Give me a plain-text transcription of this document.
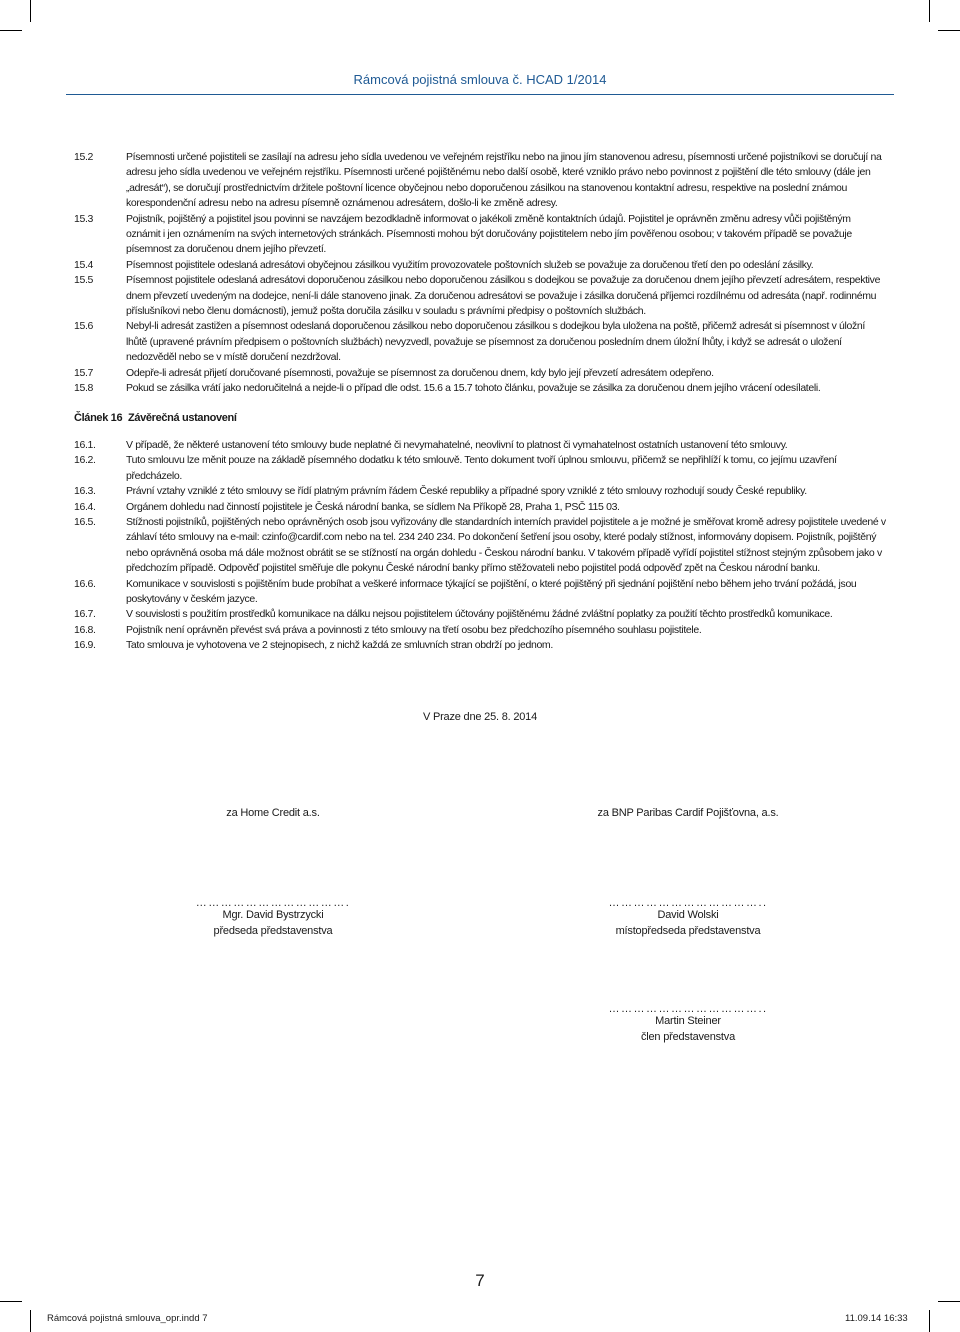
Rámcová pojistná smlouva č. HCAD 1/2014
15.2	Písemnosti určené pojistiteli se zasílají na adresu jeho sídla uvedenou ve veřejném rejstříku nebo na jinou jím stanovenou adresu, písemnosti určené pojistníkovi se doručují na adresu jeho sídla uvedenou ve veřejném rejstříku. Písemnosti určené pojištěnému nebo další osobě, které vzniklo právo nebo povinnost z pojištění dle této smlouvy (dále jen „adresát“), se doručují prostřednictvím držitele poštovní licence obyčejnou nebo doporučenou zásilkou na stanovenou kontaktní adresu, respektive na poslední známou korespondenční adresu nebo na adresu písemně oznámenou adresátem, došlo-li ke změně adresy.
15.3	Pojistník, pojištěný a pojistitel jsou povinni se navzájem bezodkladně informovat o jakékoli změně kontaktních údajů. Pojistitel je oprávněn změnu adresy vůči pojištěným oznámit i jen oznámením na svých internetových stránkách. Písemnosti mohou být doručovány pojistitelem nebo jím pověřenou osobou; v takovém případě se považuje písemnost za doručenou dnem jejího převzetí.
15.4	Písemnost pojistitele odeslaná adresátovi obyčejnou zásilkou využitím provozovatele poštovních služeb se považuje za doručenou třetí den po odeslání zásilky.
15.5	Písemnost pojistitele odeslaná adresátovi doporučenou zásilkou nebo doporučenou zásilkou s dodejkou se považuje za doručenou dnem jejího převzetí adresátem, respektive dnem převzetí uvedeným na dodejce, není-li dále stanoveno jinak. Za doručenou adresátovi se považuje i zásilka doručená příjemci rozdílnému od adresáta (např. rodinnému příslušníkovi nebo členu domácnosti), jemuž pošta doručila zásilku v souladu s právními předpisy o poštovních službách.
15.6	Nebyl-li adresát zastižen a písemnost odeslaná doporučenou zásilkou nebo doporučenou zásilkou s dodejkou byla uložena na poště, přičemž adresát si písemnost v úložní lhůtě (upravené právním předpisem o poštovních službách) nevyzvedl, považuje se písemnost za doručenou posledním dnem úložní lhůty, i když se adresát o uložení nedozvěděl nebo se v místě doručení nezdržoval.
15.7	Odepře-li adresát přijetí doručované písemnosti, považuje se písemnost za doručenou dnem, kdy bylo její převzetí adresátem odepřeno.
15.8	Pokud se zásilka vrátí jako nedoručitelná a nejde-li o případ dle odst. 15.6 a 15.7 tohoto článku, považuje se zásilka za doručenou dnem jejího vrácení odesílateli.
Článek 16 Závěrečná ustanovení
16.1.	V případě, že některé ustanovení této smlouvy bude neplatné či nevymahatelné, neovlivní to platnost či vymahatelnost ostatních ustanovení této smlouvy.
16.2.	Tuto smlouvu lze měnit pouze na základě písemného dodatku k této smlouvě. Tento dokument tvoří úplnou smlouvu, přičemž se nepřihlíží k tomu, co jejímu uzavření předcházelo.
16.3.	Právní vztahy vzniklé z této smlouvy se řídí platným právním řádem České republiky a případné spory vzniklé z této smlouvy rozhodují soudy České republiky.
16.4.	Orgánem dohledu nad činností pojistitele je Česká národní banka, se sídlem Na Příkopě 28, Praha 1, PSČ 115 03.
16.5.	Stížnosti pojistníků, pojištěných nebo oprávněných osob jsou vyřizovány dle standardních interních pravidel pojistitele a je možné je směřovat kromě adresy pojistitele uvedené v záhlaví této smlouvy na e-mail: czinfo@cardif.com nebo na tel. 234 240 234. Po dokončení šetření jsou osoby, které podaly stížnost, informovány dopisem. Pojistník, pojištěný nebo oprávněná osoba má dále možnost obrátit se se stížností na orgán dohledu - Českou národní banku. V takovém případě vyřídí pojistitel stížnost stejným způsobem jako v předchozím případě. Odpověď pojistitel směřuje dle pokynu České národní banky přímo stěžovateli nebo pojistitel podá odpověď zpět na Českou národní banku.
16.6.	Komunikace v souvislosti s pojištěním bude probíhat a veškeré informace týkající se pojištění, o které pojištěný při sjednání pojištění nebo během jeho trvání požádá, jsou poskytovány v českém jazyce.
16.7.	V souvislosti s použitím prostředků komunikace na dálku nejsou pojistitelem účtovány pojištěnému žádné zvláštní poplatky za použití těchto prostředků komunikace.
16.8.	Pojistník není oprávněn převést svá práva a povinnosti z této smlouvy na třetí osobu bez předchozího písemného souhlasu pojistitele.
16.9.	Tato smlouva je vyhotovena ve 2 stejnopisech, z nichž každá ze smluvních stran obdrží po jednom.
V Praze dne 25. 8. 2014
za Home Credit a.s.	za BNP Paribas Cardif Pojišťovna, a.s.
……………………………….
Mgr. David Bystrzycki
předseda představenstva
………………………………..
David Wolski
místopředseda představenstva
………………………………..
Martin Steiner
člen představenstva
7
Rámcová pojistná smlouva_opr.indd 7	11.09.14 16:33
